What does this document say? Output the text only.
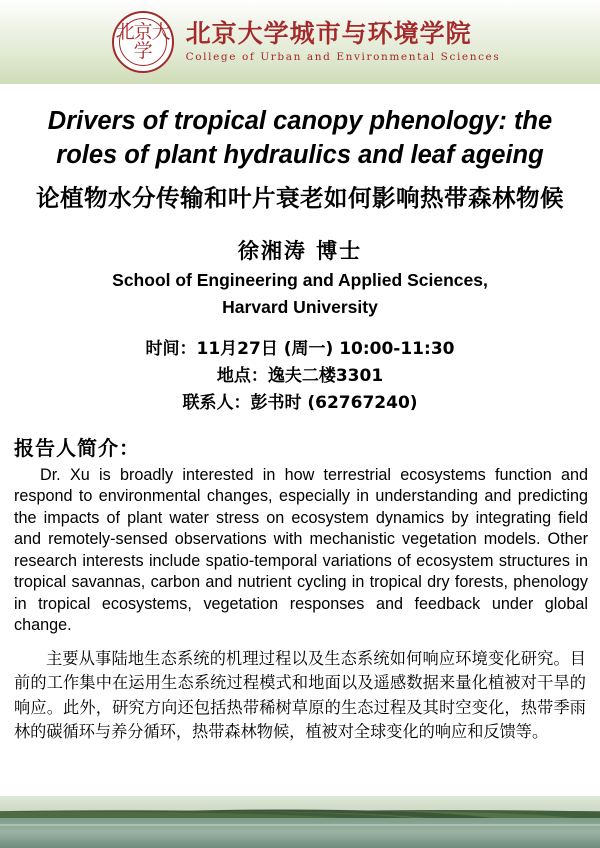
北京大学
北京大学城市与环境学院
College of Urban and Environmental Sciences
Drivers of tropical canopy phenology: the
roles of plant hydraulics and leaf ageing
论植物水分传输和叶片衰老如何影响热带森林物候
徐湘涛 博士
School of Engineering and Applied Sciences,
Harvard University
时间：11月27日 (周一) 10:00-11:30
地点：逸夫二楼3301
联系人：彭书时 (62767240)
报告人简介：
Dr. Xu is broadly interested in how terrestrial ecosystems function and respond to environmental changes, especially in understanding and predicting the impacts of plant water stress on ecosystem dynamics by integrating field and remotely-sensed observations with mechanistic vegetation models. Other research interests include spatio-temporal variations of ecosystem structures in tropical savannas, carbon and nutrient cycling in tropical dry forests, phenology in tropical ecosystems, vegetation responses and feedback under global change.
主要从事陆地生态系统的机理过程以及生态系统如何响应环境变化研究。目前的工作集中在运用生态系统过程模式和地面以及遥感数据来量化植被对干旱的响应。此外，研究方向还包括热带稀树草原的生态过程及其时空变化，热带季雨林的碳循环与养分循环，热带森林物候，植被对全球变化的响应和反馈等。
